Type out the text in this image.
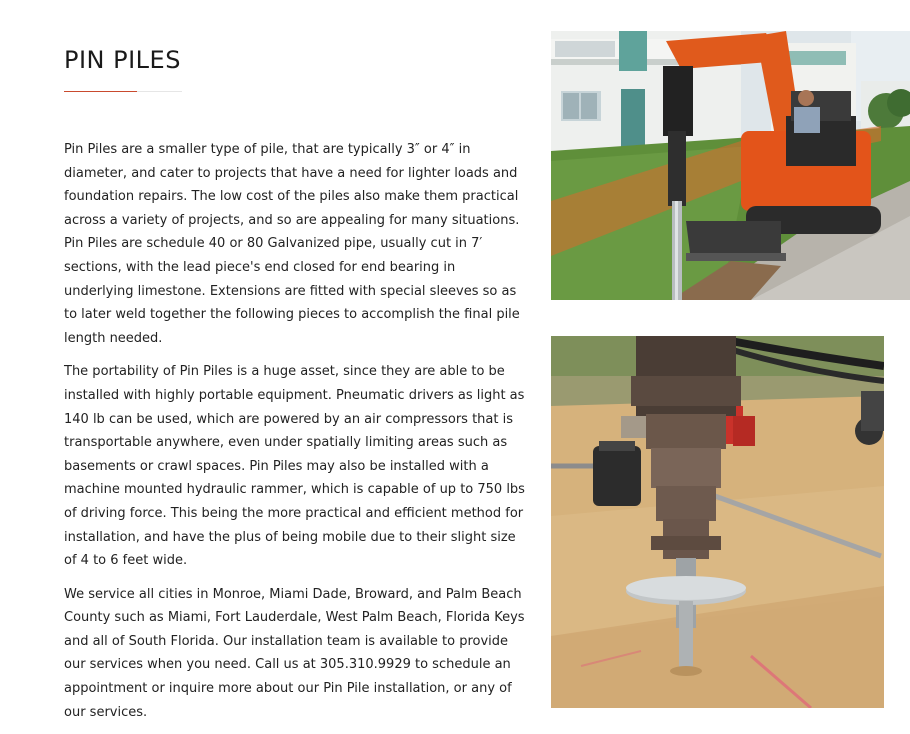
PIN PILES

Pin Piles are a smaller type of pile, that are typically 3″ or 4″ in diameter, and cater to projects that have a need for lighter loads and foundation repairs. The low cost of the piles also make them practical across a variety of projects, and so are appealing for many situations. Pin Piles are schedule 40 or 80 Galvanized pipe, usually cut in 7′ sections, with the lead piece's end closed for end bearing in underlying limestone. Extensions are fitted with special sleeves so as to later weld together the following pieces to accomplish the final pile length needed.

The portability of Pin Piles is a huge asset, since they are able to be installed with highly portable equipment. Pneumatic drivers as light as 140 lb can be used, which are powered by an air compressors that is transportable anywhere, even under spatially limiting areas such as basements or crawl spaces. Pin Piles may also be installed with a machine mounted hydraulic rammer, which is capable of up to 750 lbs of driving force. This being the more practical and efficient method for installation, and have the plus of being mobile due to their slight size of 4 to 6 feet wide.

We service all cities in Monroe, Miami Dade, Broward, and Palm Beach County such as Miami, Fort Lauderdale, West Palm Beach, Florida Keys and all of South Florida. Our installation team is available to provide our services when you need. Call us at 305.310.9929 to schedule an appointment or inquire more about our Pin Pile installation, or any of our services.
